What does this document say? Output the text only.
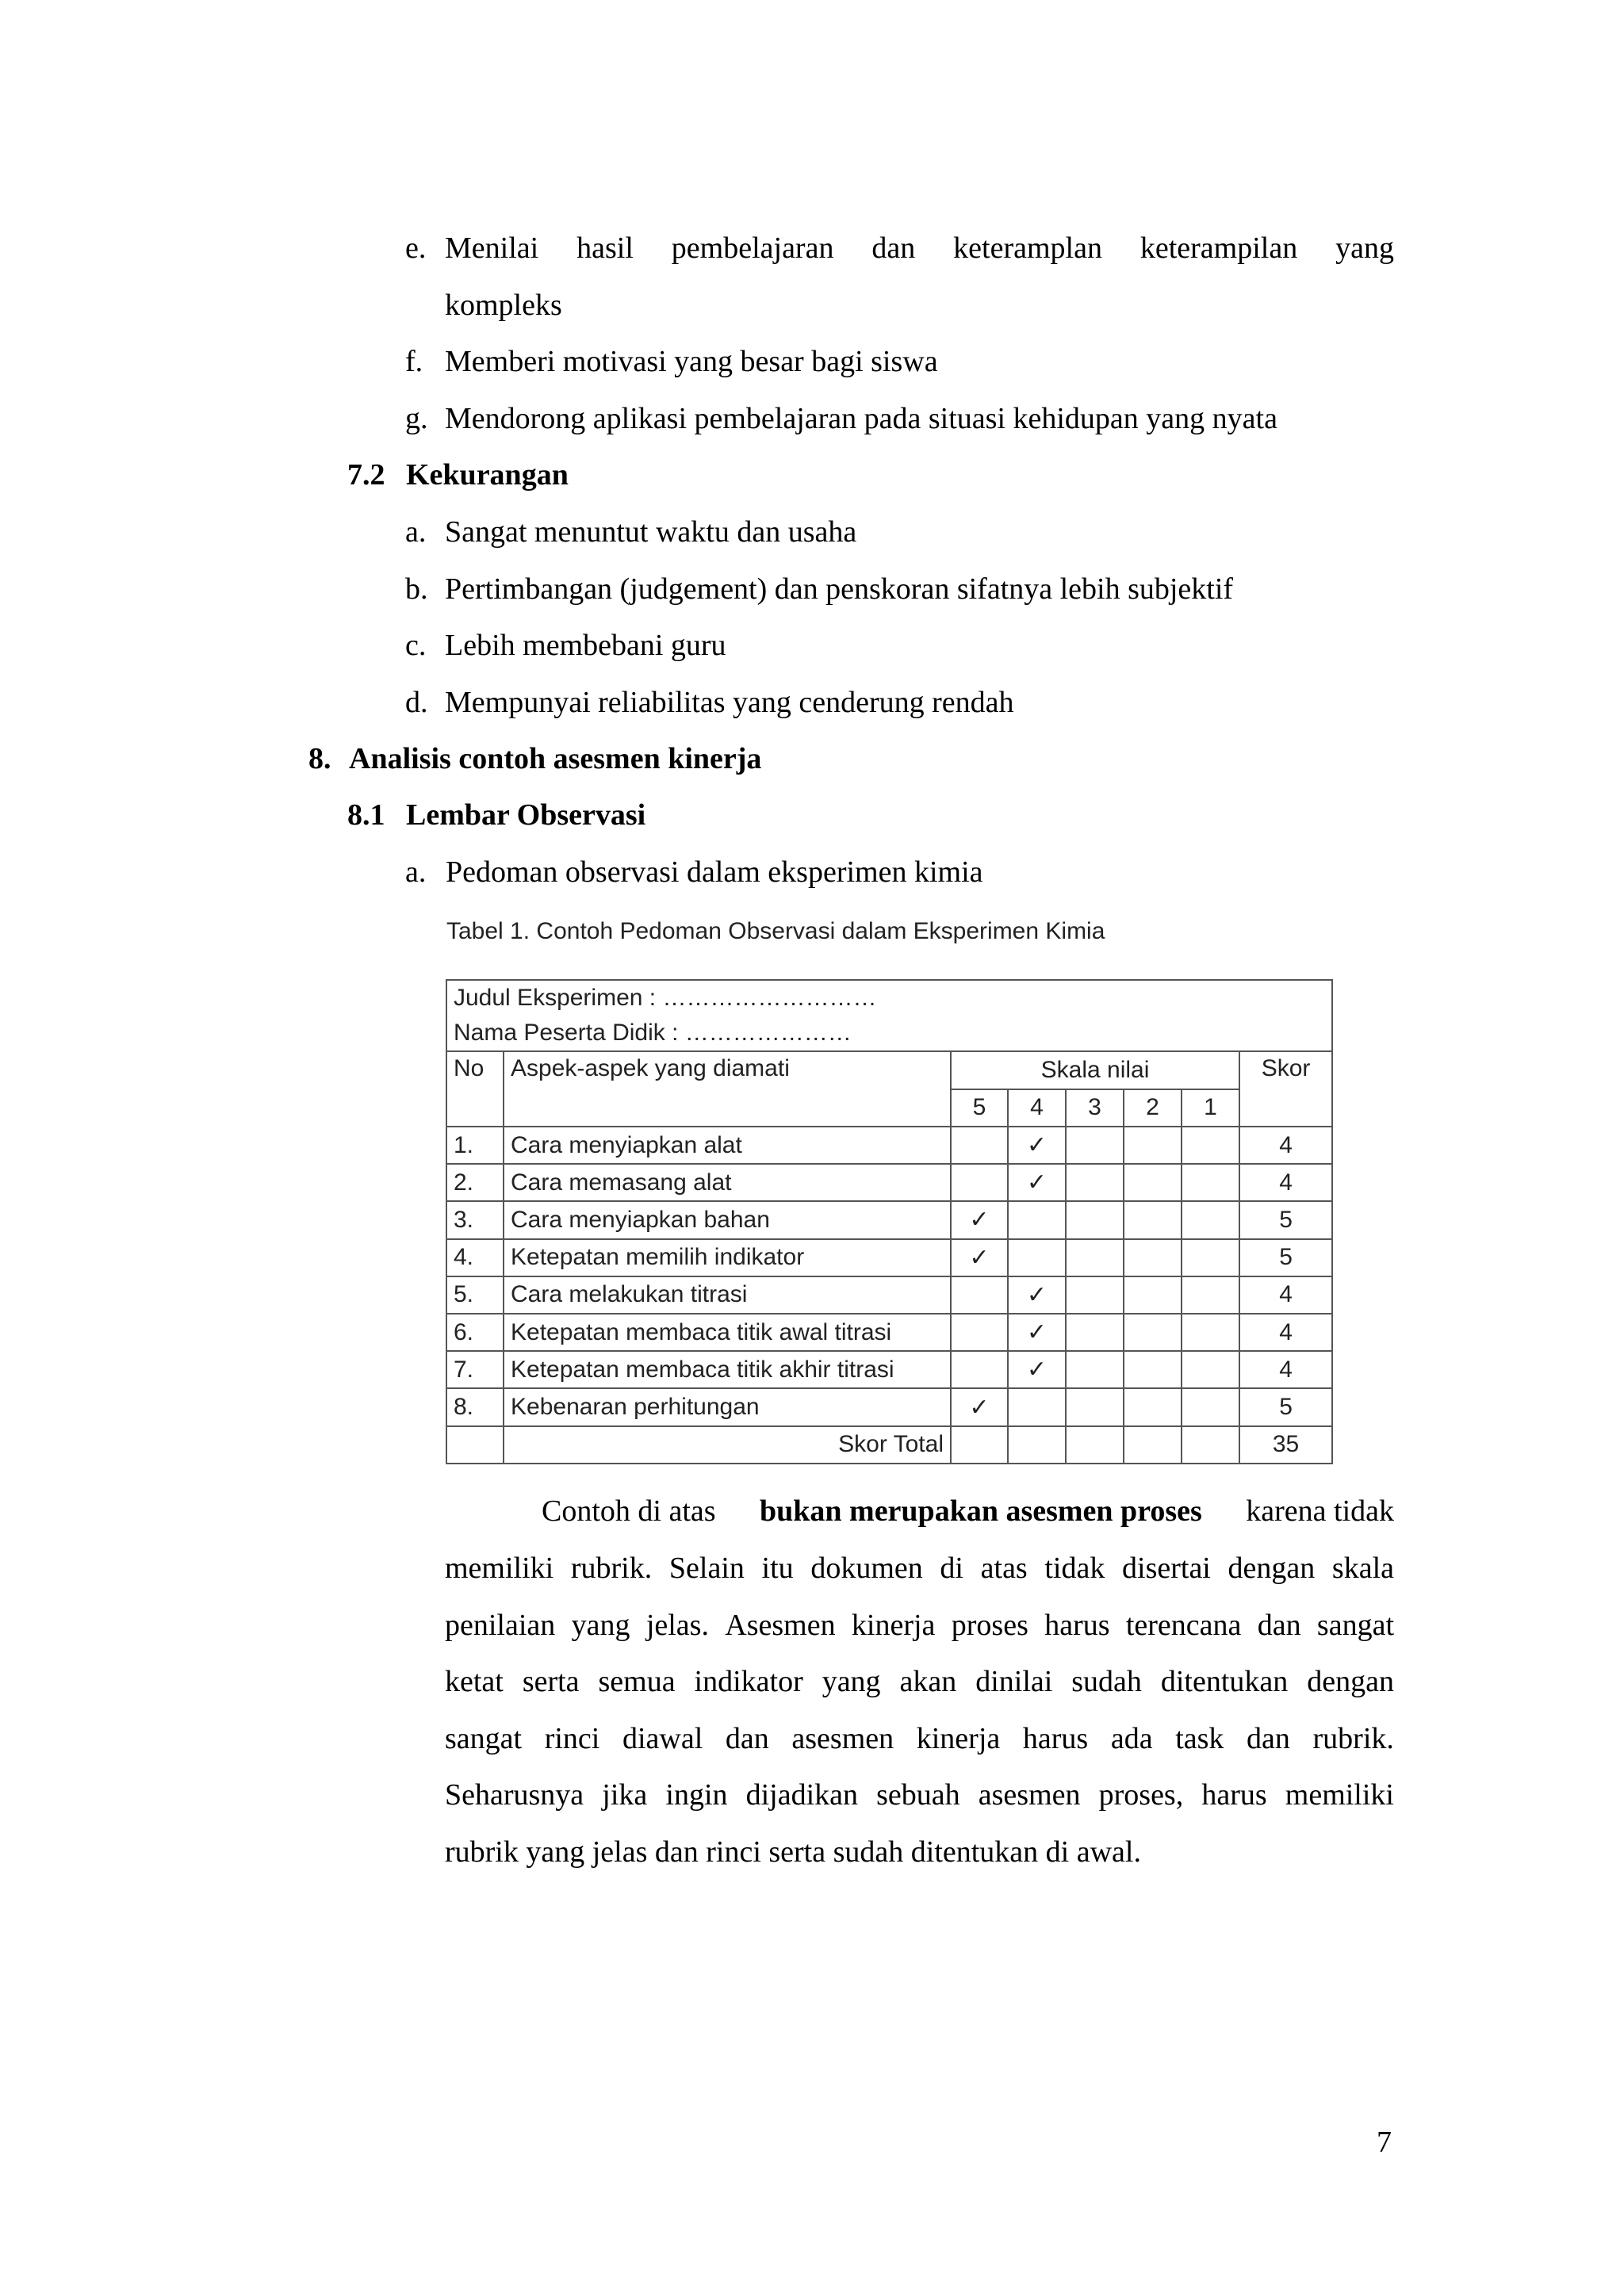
e. Menilai hasil pembelajaran dan keteramplan keterampilan yang
kompleks
f. Memberi motivasi yang besar bagi siswa
g. Mendorong aplikasi pembelajaran pada situasi kehidupan yang nyata
7.2 Kekurangan
a. Sangat menuntut waktu dan usaha
b. Pertimbangan (judgement) dan penskoran sifatnya lebih subjektif
c. Lebih membebani guru
d. Mempunyai reliabilitas yang cenderung rendah
8. Analisis contoh asesmen kinerja
8.1 Lembar Observasi
a. Pedoman observasi dalam eksperimen kimia
Tabel 1. Contoh Pedoman Observasi dalam Eksperimen Kimia
Judul Eksperimen : ………………………
Nama Peserta Didik : …………………							

No	Aspek-aspek yang diamati	Skala nilai					Skor
		5	4	3	2	1	
1.	Cara menyiapkan alat		✓				4
2.	Cara memasang alat		✓				4
3.	Cara menyiapkan bahan	✓					5
4.	Ketepatan memilih indikator	✓					5
5.	Cara melakukan titrasi		✓				4
6.	Ketepatan membaca titik awal titrasi		✓				4
7.	Ketepatan membaca titik akhir titrasi		✓				4
8.	Kebenaran perhitungan	✓					5
	Skor Total						35
Contoh di atas bukan merupakan asesmen proses karena tidak
memiliki rubrik. Selain itu dokumen di atas tidak disertai dengan skala
penilaian yang jelas. Asesmen kinerja proses harus terencana dan sangat
ketat serta semua indikator yang akan dinilai sudah ditentukan dengan
sangat rinci diawal dan asesmen kinerja harus ada task dan rubrik.
Seharusnya jika ingin dijadikan sebuah asesmen proses, harus memiliki
rubrik yang jelas dan rinci serta sudah ditentukan di awal.
7
